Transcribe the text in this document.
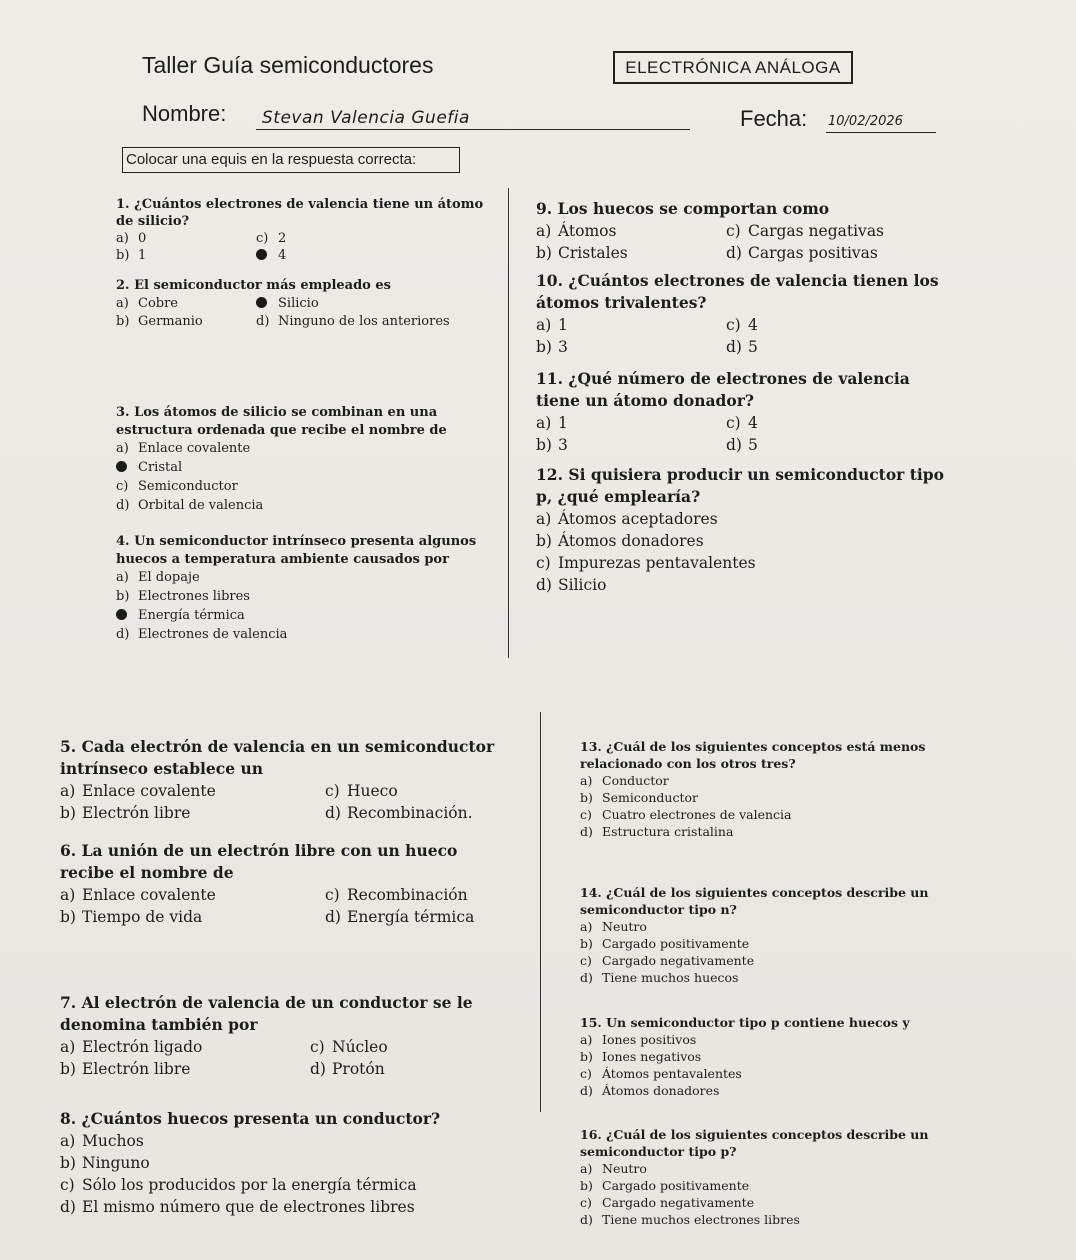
Taller Guía semiconductores	ELECTRÓNICA ANÁLOGA
Nombre: Stevan Valencia Guefia	Fecha: 10/02/2026
Colocar una equis en la respuesta correcta:
1. ¿Cuántos electrones de valencia tiene un átomo de silicio?
a) 0	c) 2
b) 1	4
2. El semiconductor más empleado es
a) Cobre	Silicio
b) Germanio	d) Ninguno de los anteriores
3. Los átomos de silicio se combinan en una estructura ordenada que recibe el nombre de
a) Enlace covalente
Cristal
c) Semiconductor
d) Orbital de valencia
4. Un semiconductor intrínseco presenta algunos huecos a temperatura ambiente causados por
a) El dopaje
b) Electrones libres
Energía térmica
d) Electrones de valencia
9. Los huecos se comportan como
a) Átomos	c) Cargas negativas
b) Cristales	d) Cargas positivas
10. ¿Cuántos electrones de valencia tienen los átomos trivalentes?
a) 1	c) 4
b) 3	d) 5
11. ¿Qué número de electrones de valencia tiene un átomo donador?
a) 1	c) 4
b) 3	d) 5
12. Si quisiera producir un semiconductor tipo p, ¿qué emplearía?
a) Átomos aceptadores
b) Átomos donadores
c) Impurezas pentavalentes
d) Silicio
5. Cada electrón de valencia en un semiconductor intrínseco establece un
a) Enlace covalente	c) Hueco
b) Electrón libre	d) Recombinación.
6. La unión de un electrón libre con un hueco recibe el nombre de
a) Enlace covalente	c) Recombinación
b) Tiempo de vida	d) Energía térmica
7. Al electrón de valencia de un conductor se le denomina también por
a) Electrón ligado	c) Núcleo
b) Electrón libre	d) Protón
8. ¿Cuántos huecos presenta un conductor?
a) Muchos
b) Ninguno
c) Sólo los producidos por la energía térmica
d) El mismo número que de electrones libres
13. ¿Cuál de los siguientes conceptos está menos relacionado con los otros tres?
a) Conductor
b) Semiconductor
c) Cuatro electrones de valencia
d) Estructura cristalina
14. ¿Cuál de los siguientes conceptos describe un semiconductor tipo n?
a) Neutro
b) Cargado positivamente
c) Cargado negativamente
d) Tiene muchos huecos
15. Un semiconductor tipo p contiene huecos y
a) Iones positivos
b) Iones negativos
c) Átomos pentavalentes
d) Átomos donadores
16. ¿Cuál de los siguientes conceptos describe un semiconductor tipo p?
a) Neutro
b) Cargado positivamente
c) Cargado negativamente
d) Tiene muchos electrones libres
